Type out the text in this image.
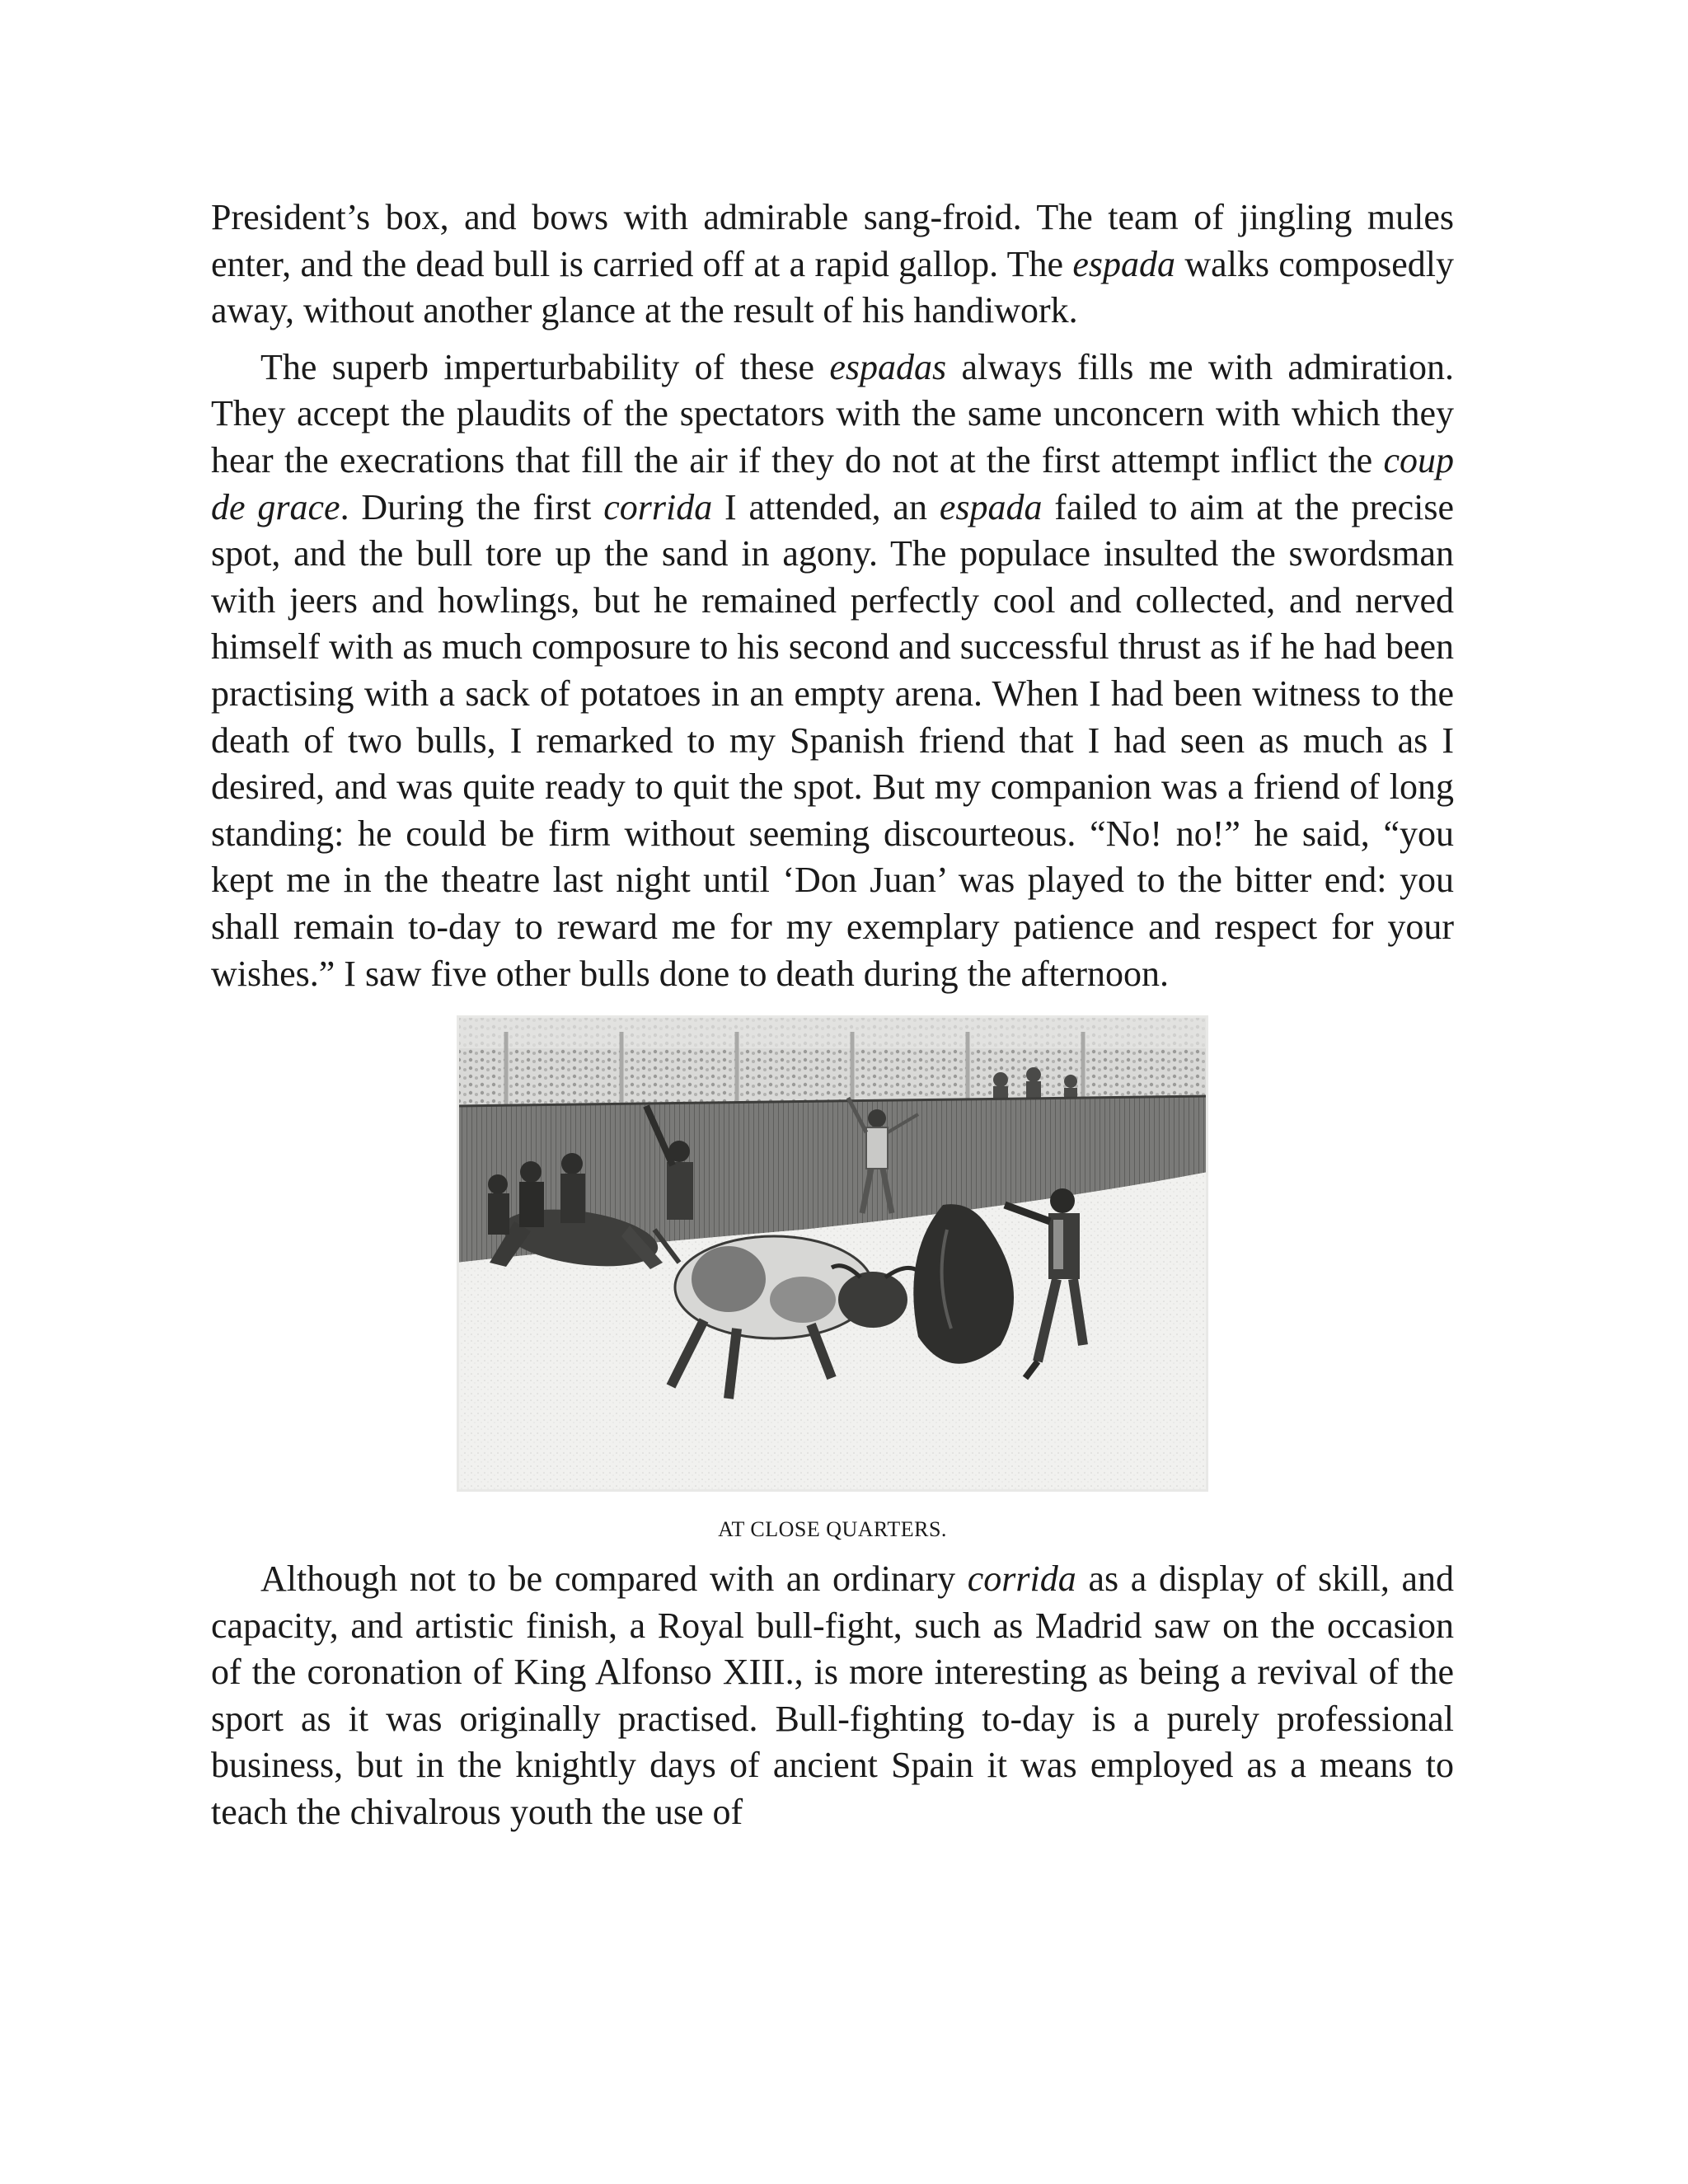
President’s box, and bows with admirable sang-froid. The team of jingling mules enter, and the dead bull is carried off at a rapid gallop. The espada walks composedly away, without another glance at the result of his handiwork.

The superb imperturbability of these espadas always fills me with admiration. They accept the plaudits of the spectators with the same unconcern with which they hear the execrations that fill the air if they do not at the first attempt inflict the coup de grace. During the first corrida I attended, an espada failed to aim at the precise spot, and the bull tore up the sand in agony. The populace insulted the swordsman with jeers and howlings, but he remained perfectly cool and collected, and nerved himself with as much composure to his second and successful thrust as if he had been practising with a sack of potatoes in an empty arena. When I had been witness to the death of two bulls, I remarked to my Spanish friend that I had seen as much as I desired, and was quite ready to quit the spot. But my companion was a friend of long standing: he could be firm without seeming discourteous. “No! no!” he said, “you kept me in the theatre last night until ‘Don Juan’ was played to the bitter end: you shall remain to-day to reward me for my exemplary patience and respect for your wishes.” I saw five other bulls done to death during the afternoon.

AT CLOSE QUARTERS.

Although not to be compared with an ordinary corrida as a display of skill, and capacity, and artistic finish, a Royal bull-fight, such as Madrid saw on the occasion of the coronation of King Alfonso XIII., is more interesting as being a revival of the sport as it was originally practised. Bull-fighting to-day is a purely professional business, but in the knightly days of ancient Spain it was employed as a means to teach the chivalrous youth the use of
